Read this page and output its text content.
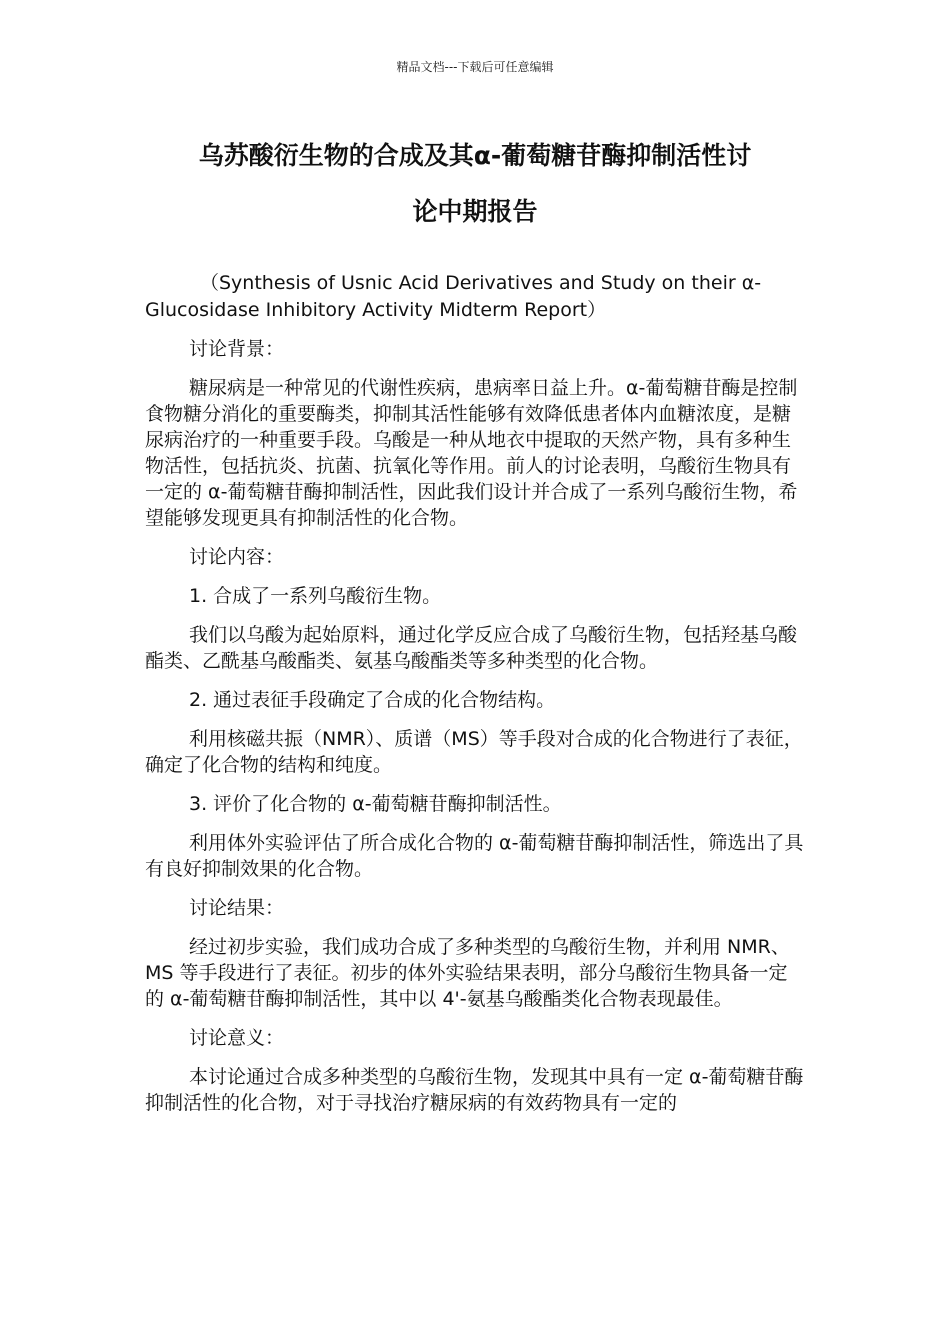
精品文档---下载后可任意编辑
乌苏酸衍生物的合成及其α-葡萄糖苷酶抑制活性讨
论中期报告

（Synthesis of Usnic Acid Derivatives and Study on their α-Glucosidase Inhibitory Activity Midterm Report）

讨论背景：

糖尿病是一种常见的代谢性疾病，患病率日益上升。α-葡萄糖苷酶是控制食物糖分消化的重要酶类，抑制其活性能够有效降低患者体内血糖浓度，是糖尿病治疗的一种重要手段。乌酸是一种从地衣中提取的天然产物，具有多种生物活性，包括抗炎、抗菌、抗氧化等作用。前人的讨论表明，乌酸衍生物具有一定的 α-葡萄糖苷酶抑制活性，因此我们设计并合成了一系列乌酸衍生物，希望能够发现更具有抑制活性的化合物。

讨论内容：

1. 合成了一系列乌酸衍生物。

我们以乌酸为起始原料，通过化学反应合成了乌酸衍生物，包括羟基乌酸酯类、乙酰基乌酸酯类、氨基乌酸酯类等多种类型的化合物。

2. 通过表征手段确定了合成的化合物结构。

利用核磁共振（NMR）、质谱（MS）等手段对合成的化合物进行了表征，确定了化合物的结构和纯度。

3. 评价了化合物的 α-葡萄糖苷酶抑制活性。

利用体外实验评估了所合成化合物的 α-葡萄糖苷酶抑制活性，筛选出了具有良好抑制效果的化合物。

讨论结果：

经过初步实验，我们成功合成了多种类型的乌酸衍生物，并利用 NMR、MS 等手段进行了表征。初步的体外实验结果表明，部分乌酸衍生物具备一定的 α-葡萄糖苷酶抑制活性，其中以 4'-氨基乌酸酯类化合物表现最佳。

讨论意义：

本讨论通过合成多种类型的乌酸衍生物，发现其中具有一定 α-葡萄糖苷酶抑制活性的化合物，对于寻找治疗糖尿病的有效药物具有一定的
